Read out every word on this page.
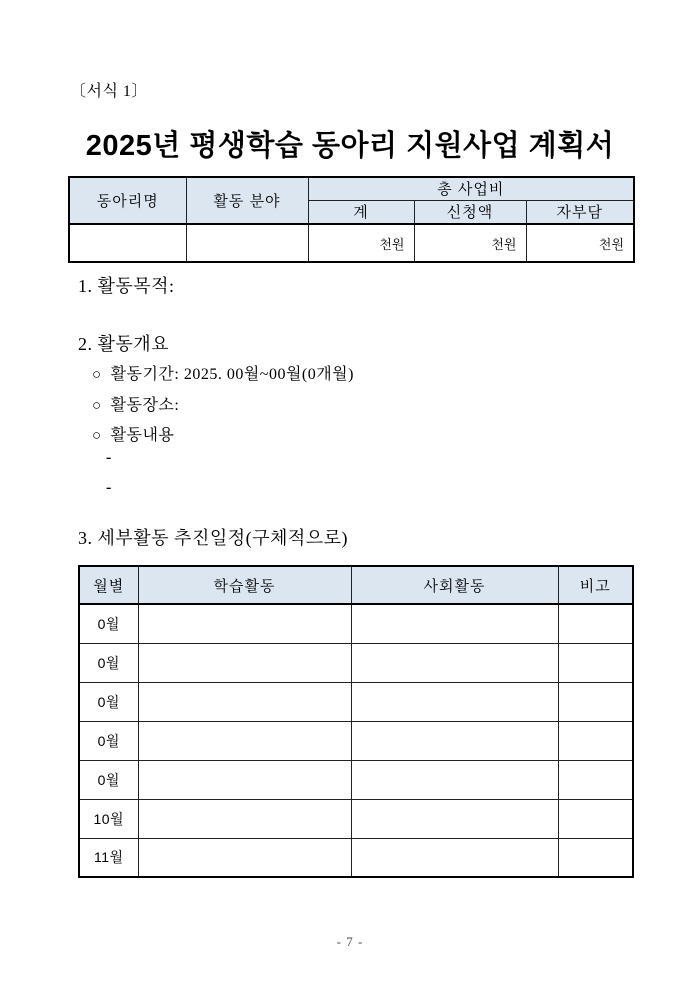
〔서식 1〕
2025년 평생학습 동아리 지원사업 계획서
동아리명	활동 분야	총 사업비		
		계	신청액	자부담
		천원	천원	천원
1. 활동목적:
2. 활동개요
○ 활동기간: 2025. 00월~00월(0개월)
○ 활동장소:
○ 활동내용
-
-
3. 세부활동 추진일정(구체적으로)
월별	학습활동	사회활동	비고
0월			
0월			
0월			
0월			
0월			
10월			
11월			
- 7 -
